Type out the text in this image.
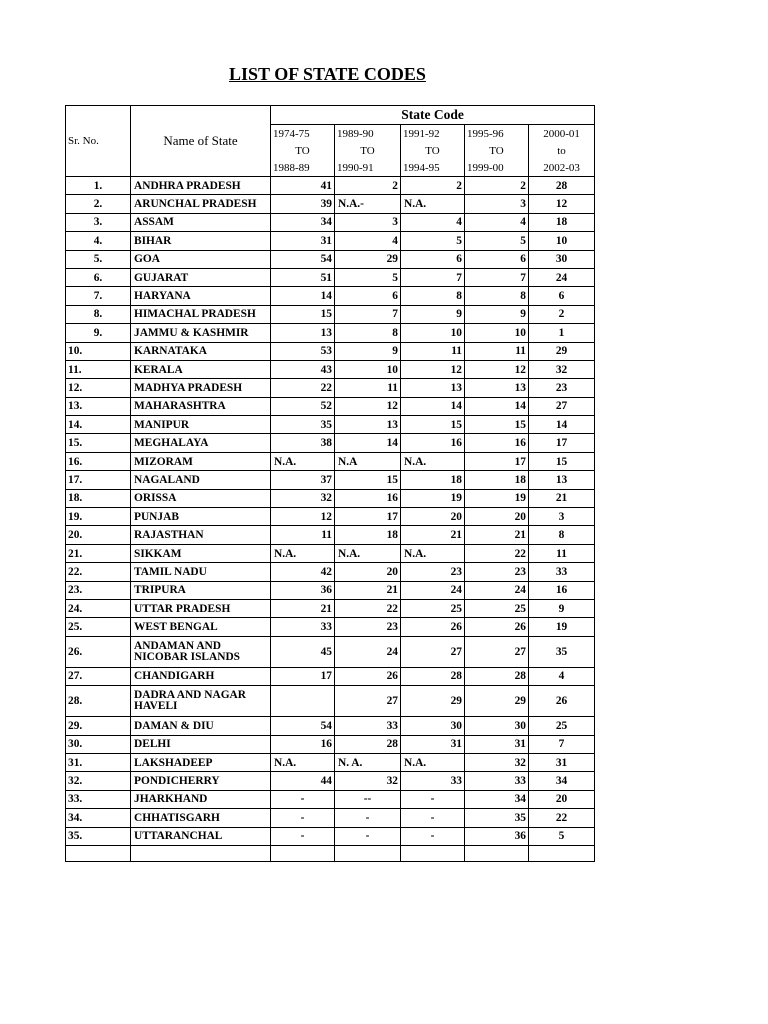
LIST OF STATE CODES
Sr. No.	Name of State	State Code				
		1974-75	1989-90	1991-92	1995-96	2000-01
		TO	TO	TO	TO	to
		1988-89	1990-91	1994-95	1999-00	2002-03
1.	ANDHRA PRADESH	41	2	2	2	28
2.	ARUNCHAL PRADESH	39	N.A.-	N.A.	3	12
3.	ASSAM	34	3	4	4	18
4.	BIHAR	31	4	5	5	10
5.	GOA	54	29	6	6	30
6.	GUJARAT	51	5	7	7	24
7.	HARYANA	14	6	8	8	6
8.	HIMACHAL PRADESH	15	7	9	9	2
9.	JAMMU & KASHMIR	13	8	10	10	1
10.	KARNATAKA	53	9	11	11	29
11.	KERALA	43	10	12	12	32
12.	MADHYA PRADESH	22	11	13	13	23
13.	MAHARASHTRA	52	12	14	14	27
14.	MANIPUR	35	13	15	15	14
15.	MEGHALAYA	38	14	16	16	17
16.	MIZORAM	N.A.	N.A	N.A.	17	15
17.	NAGALAND	37	15	18	18	13
18.	ORISSA	32	16	19	19	21
19.	PUNJAB	12	17	20	20	3
20.	RAJASTHAN	11	18	21	21	8
21.	SIKKAM	N.A.	N.A.	N.A.	22	11
22.	TAMIL NADU	42	20	23	23	33
23.	TRIPURA	36	21	24	24	16
24.	UTTAR PRADESH	21	22	25	25	9
25.	WEST BENGAL	33	23	26	26	19
26.	ANDAMAN AND NICOBAR ISLANDS	45	24	27	27	35
27.	CHANDIGARH	17	26	28	28	4
28.	DADRA AND NAGAR HAVELI		27	29	29	26
29.	DAMAN & DIU	54	33	30	30	25
30.	DELHI	16	28	31	31	7
31.	LAKSHADEEP	N.A.	N. A.	N.A.	32	31
32.	PONDICHERRY	44	32	33	33	34
33.	JHARKHAND	-	--	-	34	20
34.	CHHATISGARH	-	-	-	35	22
35.	UTTARANCHAL	-	-	-	36	5
